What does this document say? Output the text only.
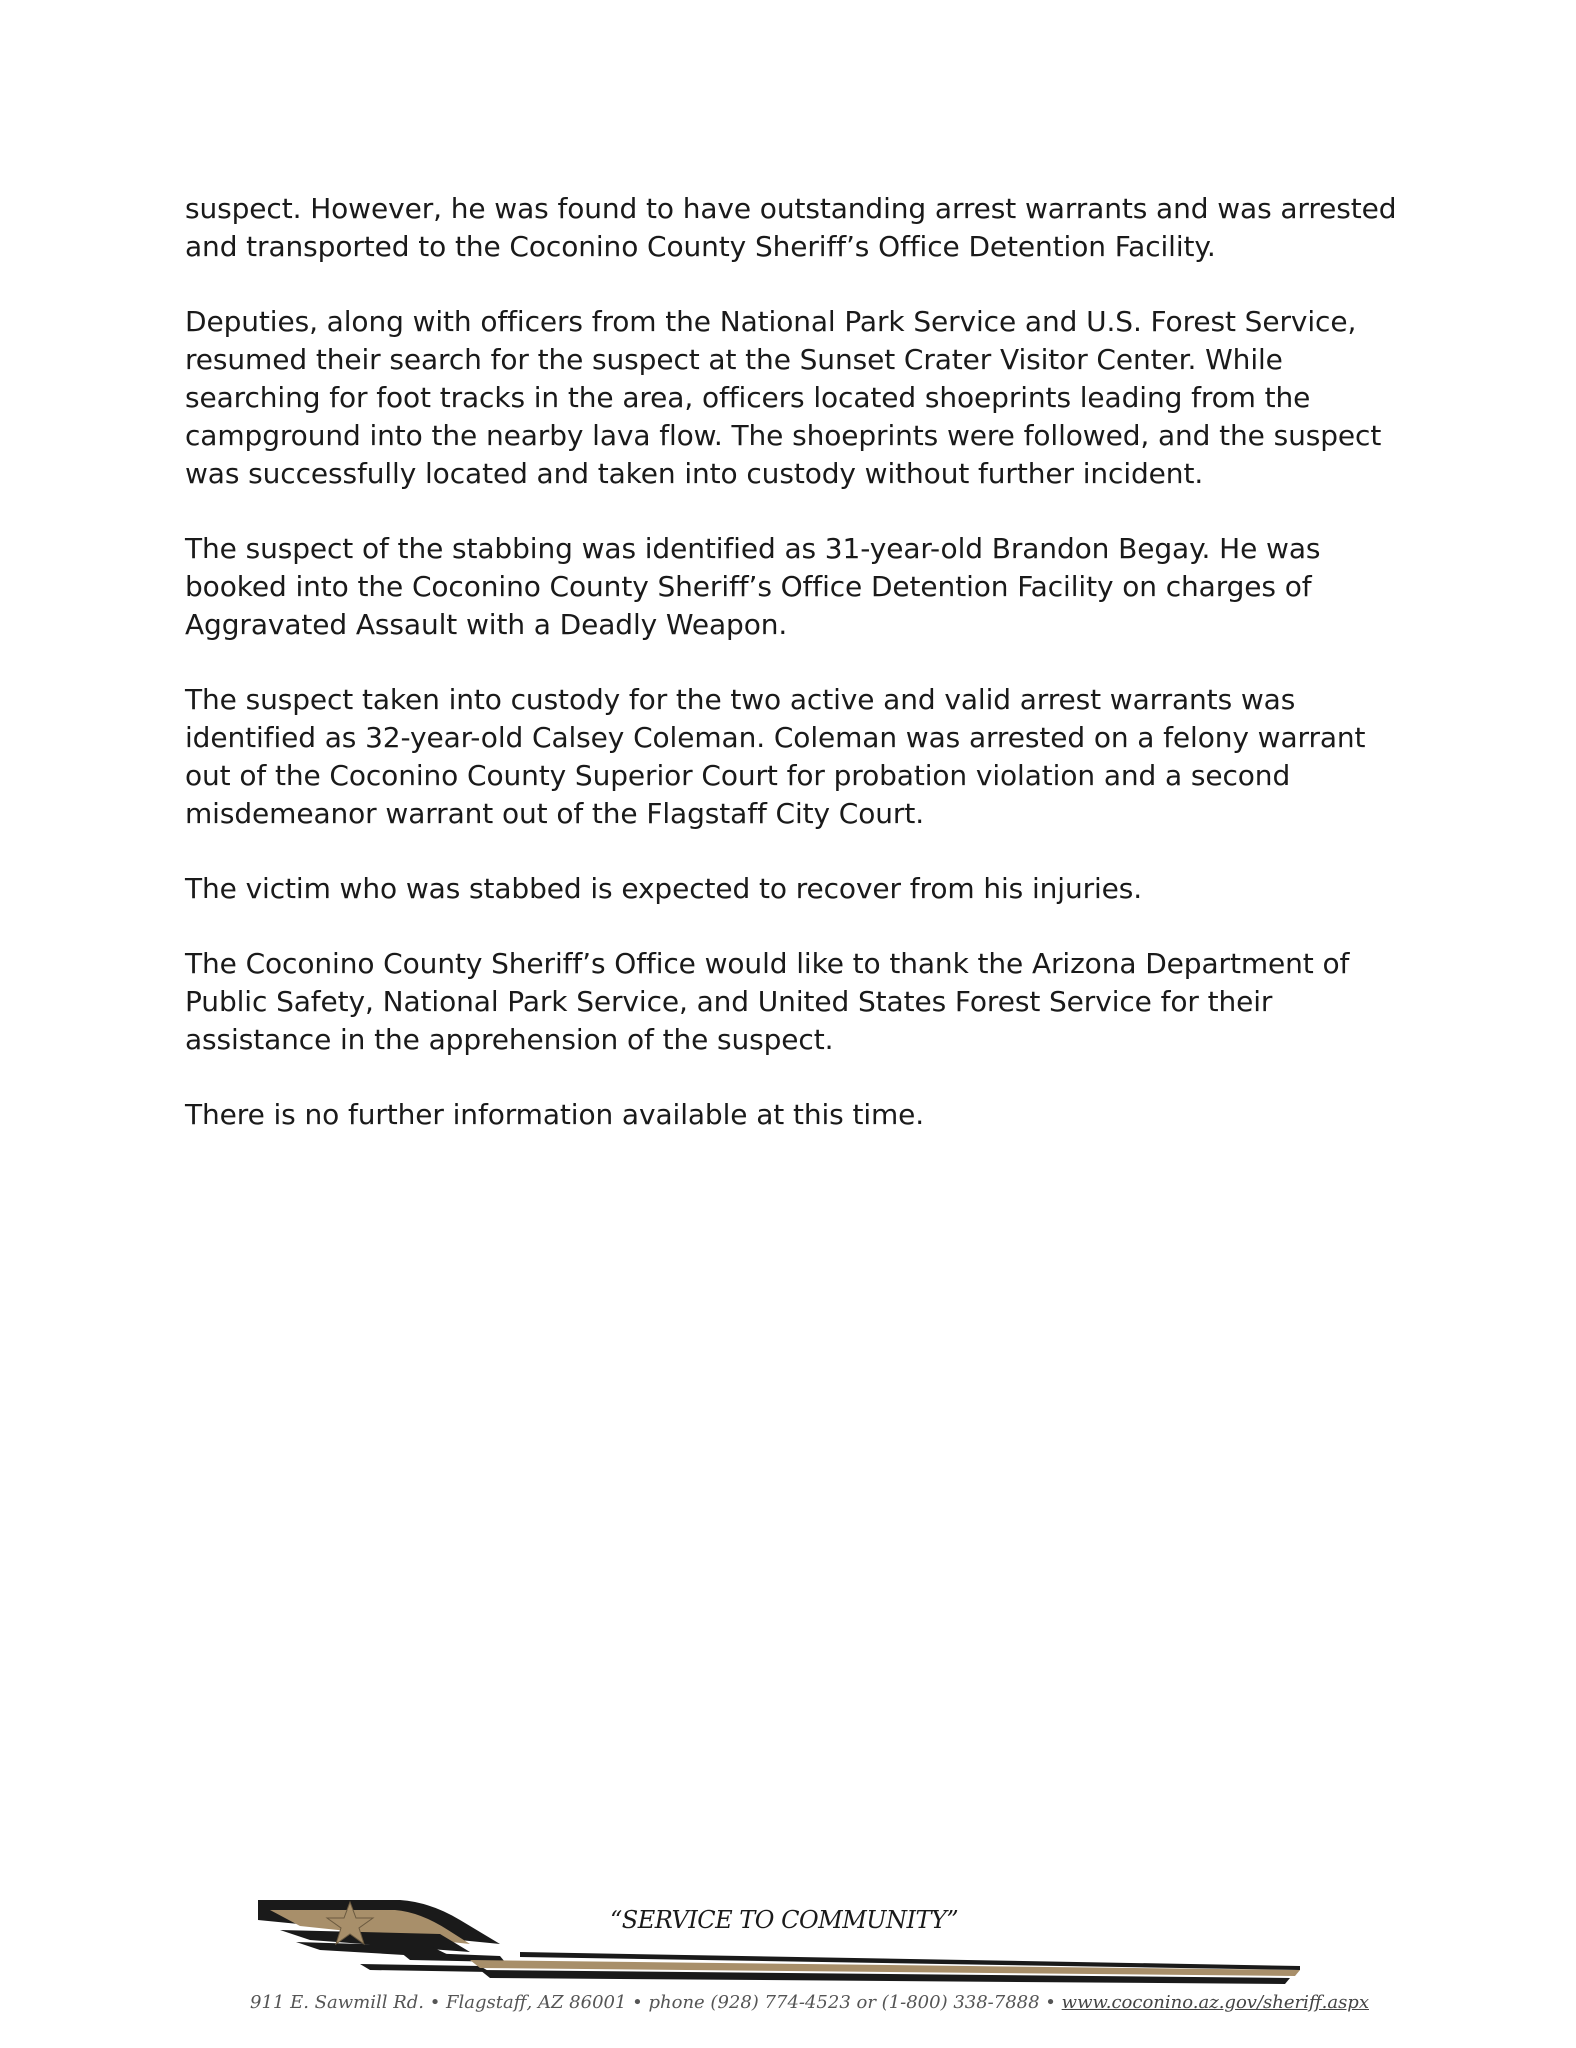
suspect. However, he was found to have outstanding arrest warrants and was arrested and transported to the Coconino County Sheriff’s Office Detention Facility.

Deputies, along with officers from the National Park Service and U.S. Forest Service, resumed their search for the suspect at the Sunset Crater Visitor Center. While searching for foot tracks in the area, officers located shoeprints leading from the campground into the nearby lava flow. The shoeprints were followed, and the suspect was successfully located and taken into custody without further incident.

The suspect of the stabbing was identified as 31-year-old Brandon Begay. He was booked into the Coconino County Sheriff’s Office Detention Facility on charges of Aggravated Assault with a Deadly Weapon.

The suspect taken into custody for the two active and valid arrest warrants was identified as 32-year-old Calsey Coleman. Coleman was arrested on a felony warrant out of the Coconino County Superior Court for probation violation and a second misdemeanor warrant out of the Flagstaff City Court.

The victim who was stabbed is expected to recover from his injuries.

The Coconino County Sheriff’s Office would like to thank the Arizona Department of Public Safety, National Park Service, and United States Forest Service for their assistance in the apprehension of the suspect.

There is no further information available at this time.

“SERVICE TO COMMUNITY”
911 E. Sawmill Rd. • Flagstaff, AZ 86001 • phone (928) 774-4523 or (1-800) 338-7888 • www.coconino.az.gov/sheriff.aspx
